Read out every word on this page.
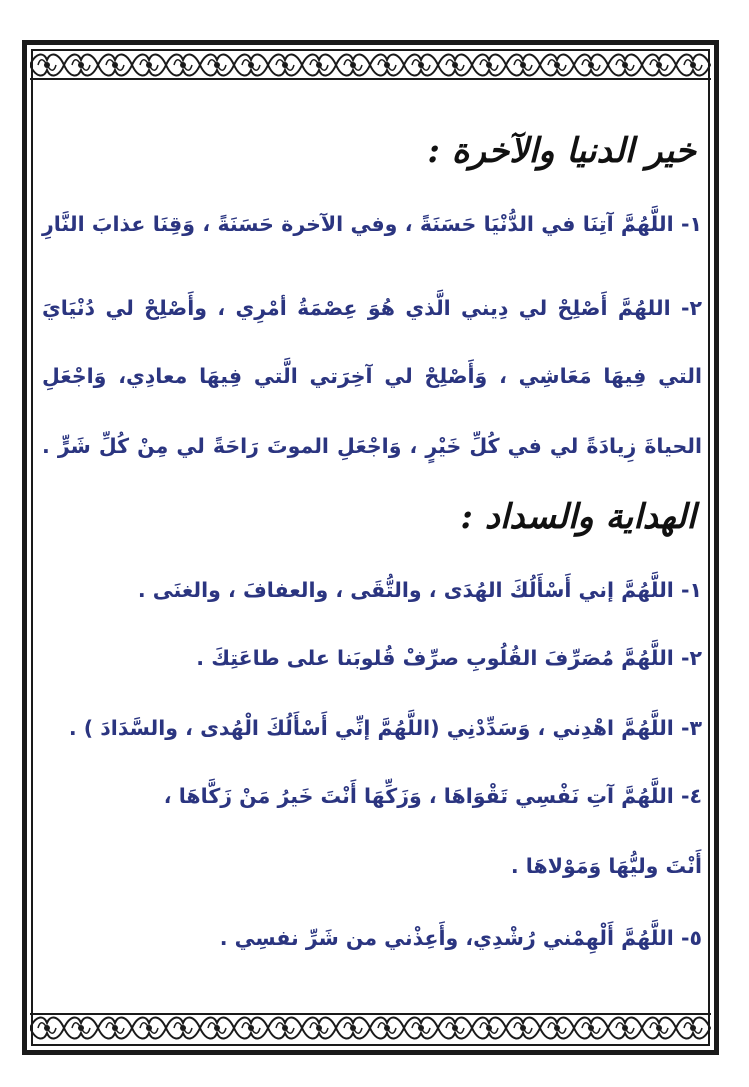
خير الدنيا والآخرة :

١- اللَّهُمَّ آتِنَا في الدُّنْيَا حَسَنَةً ، وفي الآخرة حَسَنَةً ، وَقِنَا عذابَ النَّارِ

٢- اللهُمَّ أَصْلِحْ لي دِيني الَّذي هُوَ عِصْمَةُ أمْرِي ، وأَصْلِحْ لي دُنْيَايَ

التي فِيهَا مَعَاشِي ، وَأَصْلِحْ لي آخِرَتي الَّتي فِيهَا معادِي، وَاجْعَلِ

الحياةَ زِيادَةً لي في كُلِّ خَيْرٍ ، وَاجْعَلِ الموتَ رَاحَةً لي مِنْ كُلِّ شَرٍّ .

الهداية والسداد :

١- اللَّهُمَّ إني أَسْأَلُكَ الهُدَى ، والتُّقَى ، والعفافَ ، والغنَى .

٢- اللَّهُمَّ مُصَرِّفَ القُلُوبِ صرِّفْ قُلوبَنا على طاعَتِكَ .

٣- اللَّهُمَّ اهْدِني ، وَسَدِّدْنِي (اللَّهُمَّ إنِّي أَسْأَلُكَ الْهُدى ، والسَّدَادَ ) .

٤- اللَّهُمَّ آتِ نَفْسِي تَقْوَاهَا ، وَزَكِّهَا أَنْتَ خَيرُ مَنْ زَكَّاهَا ،

أَنْتَ وليُّهَا وَمَوْلاهَا .

٥- اللَّهُمَّ أَلْهِمْني رُشْدِي، وأَعِذْني من شَرِّ نفسِي .
